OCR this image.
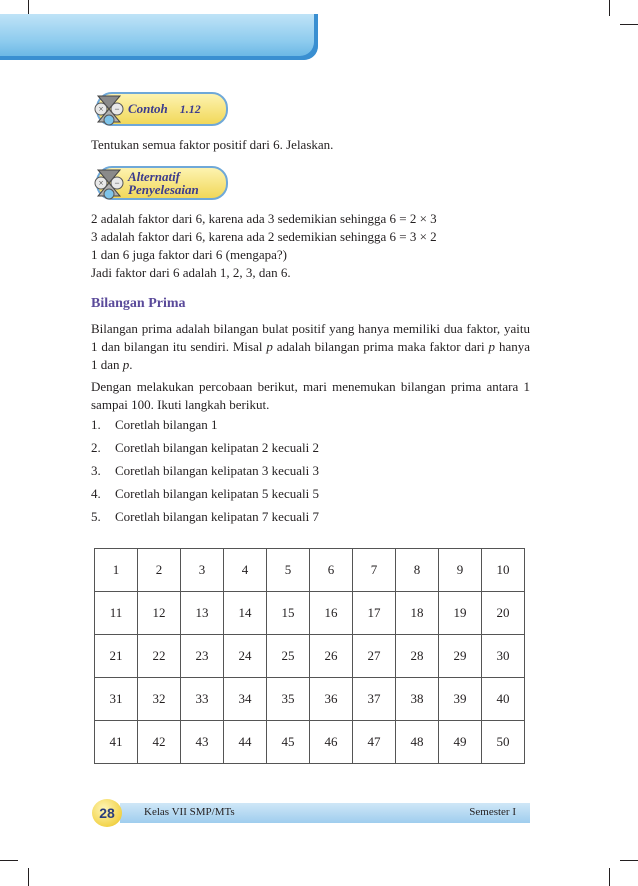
× − Contoh 1.12
Tentukan semua faktor positif dari 6. Jelaskan.
× − Alternatif
Penyelesaian
2 adalah faktor dari 6, karena ada 3 sedemikian sehingga 6 = 2 × 3
3 adalah faktor dari 6, karena ada 2 sedemikian sehingga 6 = 3 × 2
1 dan 6 juga faktor dari 6 (mengapa?)
Jadi faktor dari 6 adalah 1, 2, 3, dan 6.
Bilangan Prima
Bilangan prima adalah bilangan bulat positif yang hanya memiliki dua faktor, yaitu 1 dan bilangan itu sendiri. Misal p adalah bilangan prima maka faktor dari p hanya 1 dan p.
Dengan melakukan percobaan berikut, mari menemukan bilangan prima antara 1 sampai 100. Ikuti langkah berikut.
1. Coretlah bilangan 1
2. Coretlah bilangan kelipatan 2 kecuali 2
3. Coretlah bilangan kelipatan 3 kecuali 3
4. Coretlah bilangan kelipatan 5 kecuali 5
5. Coretlah bilangan kelipatan 7 kecuali 7
1	2	3	4	5	6	7	8	9	10
11	12	13	14	15	16	17	18	19	20
21	22	23	24	25	26	27	28	29	30
31	32	33	34	35	36	37	38	39	40
41	42	43	44	45	46	47	48	49	50
Kelas VII SMP/MTs	Semester I
28
